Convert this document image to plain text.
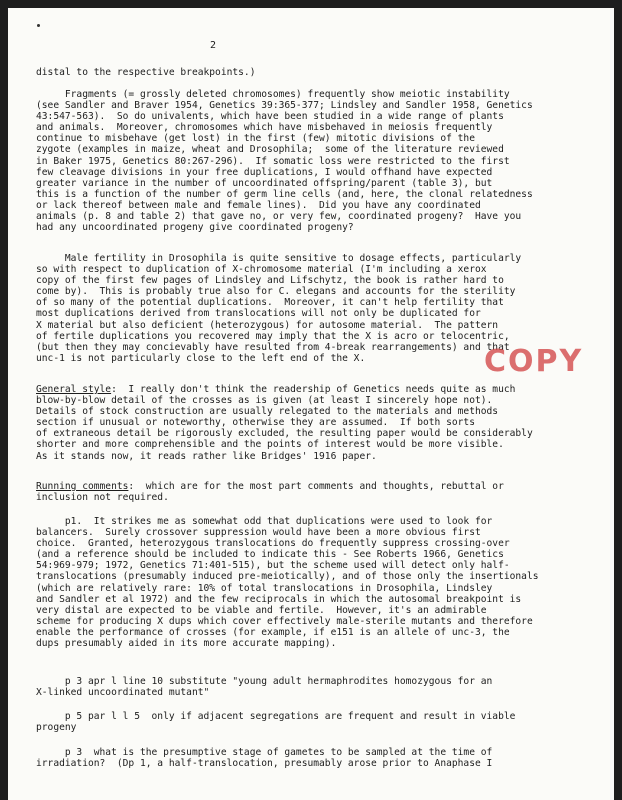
2
distal to the respective breakpoints.)
Fragments (= grossly deleted chromosomes) frequently show meiotic instability
(see Sandler and Braver 1954, Genetics 39:365-377; Lindsley and Sandler 1958, Genetics
43:547-563).  So do univalents, which have been studied in a wide range of plants
and animals.  Moreover, chromosomes which have misbehaved in meiosis frequently
continue to misbehave (get lost) in the first (few) mitotic divisions of the
zygote (examples in maize, wheat and Drosophila;  some of the literature reviewed
in Baker 1975, Genetics 80:267-296).  If somatic loss were restricted to the first
few cleavage divisions in your free duplications, I would offhand have expected
greater variance in the number of uncoordinated offspring/parent (table 3), but
this is a function of the number of germ line cells (and, here, the clonal relatedness
or lack thereof between male and female lines).  Did you have any coordinated
animals (p. 8 and table 2) that gave no, or very few, coordinated progeny?  Have you
had any uncoordinated progeny give coordinated progeny?
Male fertility in Drosophila is quite sensitive to dosage effects, particularly
so with respect to duplication of X-chromosome material (I'm including a xerox
copy of the first few pages of Lindsley and Lifschytz, the book is rather hard to
come by).  This is probably true also for C. elegans and accounts for the sterility
of so many of the potential duplications.  Moreover, it can't help fertility that
most duplications derived from translocations will not only be duplicated for
X material but also deficient (heterozygous) for autosome material.  The pattern
of fertile duplications you recovered may imply that the X is acro or telocentric,
(but then they may concievably have resulted from 4-break rearrangements) and that
unc-1 is not particularly close to the left end of the X.
General style:  I really don't think the readership of Genetics needs quite as much
blow-by-blow detail of the crosses as is given (at least I sincerely hope not).
Details of stock construction are usually relegated to the materials and methods
section if unusual or noteworthy, otherwise they are assumed.  If both sorts
of extraneous detail be rigorously excluded, the resulting paper would be considerably
shorter and more comprehensible and the points of interest would be more visible.
As it stands now, it reads rather like Bridges' 1916 paper.
Running comments:  which are for the most part comments and thoughts, rebuttal or
inclusion not required.
p1.  It strikes me as somewhat odd that duplications were used to look for
balancers.  Surely crossover suppression would have been a more obvious first
choice.  Granted, heterozygous translocations do frequently suppress crossing-over
(and a reference should be included to indicate this - See Roberts 1966, Genetics
54:969-979; 1972, Genetics 71:401-515), but the scheme used will detect only half-
translocations (presumably induced pre-meiotically), and of those only the insertionals
(which are relatively rare: 10% of total translocations in Drosophila, Lindsley
and Sandler et al 1972) and the few reciprocals in which the autosomal breakpoint is
very distal are expected to be viable and fertile.  However, it's an admirable
scheme for producing X dups which cover effectively male-sterile mutants and therefore
enable the performance of crosses (for example, if e151 is an allele of unc-3, the
dups presumably aided in its more accurate mapping).
p 3 apr l line 10 substitute "young adult hermaphrodites homozygous for an
X-linked uncoordinated mutant"
p 5 par l l 5  only if adjacent segregations are frequent and result in viable
progeny
p 3  what is the presumptive stage of gametes to be sampled at the time of
irradiation?  (Dp 1, a half-translocation, presumably arose prior to Anaphase I
COPY
